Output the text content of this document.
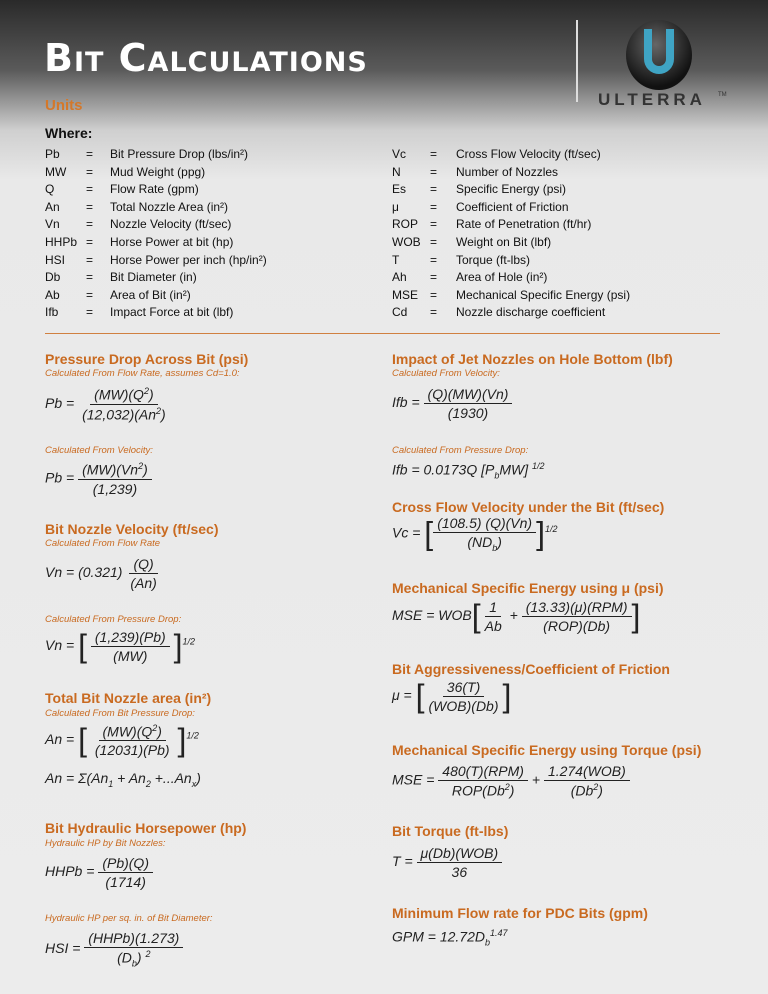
Bit Calculations
ULTERRA TM
Units
Where:
Pb	=	Bit Pressure Drop (lbs/in²)
MW	=	Mud Weight (ppg)
Q	=	Flow Rate (gpm)
An	=	Total Nozzle Area (in²)
Vn	=	Nozzle Velocity (ft/sec)
HHPb =	Horse Power at bit (hp)
HSI	=	Horse Power per inch (hp/in²)
Db	=	Bit Diameter (in)
Ab	=	Area of Bit (in²)
Ifb	=	Impact Force at bit (lbf)
Vc	=	Cross Flow Velocity (ft/sec)
N	=	Number of Nozzles
Es	=	Specific Energy (psi)
μ	=	Coefficient of Friction
ROP =	Rate of Penetration (ft/hr)
WOB =	Weight on Bit (lbf)
T	=	Torque (ft-lbs)
Ah	=	Area of Hole (in²)
MSE =	Mechanical Specific Energy (psi)
Cd	=	Nozzle discharge coefficient
Pressure Drop Across Bit (psi)
Calculated From Flow Rate, assumes Cd=1.0:
$Pb = \frac{(MW)(Q^2)}{(12,032)(An^2)}$
Calculated From Velocity:
$Pb = \frac{(MW)(Vn^2)}{(1,239)}$
Bit Nozzle Velocity (ft/sec)
Calculated From Flow Rate
$Vn = (0.321) \frac{(Q)}{(An)}$
Calculated From Pressure Drop:
Vn = [ $\frac{(1,239)(Pb)}{(MW)} ]^{1/2}$
Total Bit Nozzle area (in²)
Calculated From Bit Pressure Drop:
An = [ $\frac{(MW)(Q^2)}{(12031)(Pb)} ]^{1/2}$
$An = \Sigma(An_1 + An_2 +...An_x)$
Bit Hydraulic Horsepower (hp)
Hydraulic HP by Bit Nozzles:
HHPb = $\frac{(Pb)(Q)}{(1714)}$
Hydraulic HP per sq. in. of Bit Diameter:
HSI = $\frac{\text{(HHPb)(1.273)}}{(D_b) ^2}$
Impact of Jet Nozzles on Hole Bottom (lbf)
Calculated From Velocity:
Ifb = $\frac{(Q)(MW)(Vn)}{(1930)}$
Calculated From Pressure Drop:
Ifb = 0.0173Q $[P_bMW]$ $^{1/2}$
Cross Flow Velocity under the Bit (ft/sec)
Vc = [ $\frac{(108.5) (Q)(Vn)}{(ND_b)} ]^{1/2}$
Mechanical Specific Energy using μ (psi)
MSE = $WOB[ \frac{1}{Ab} + \frac{\text{(13.33)(μ)(RPM)}}{\text{(ROP)(Db)}}$ ]
Bit Aggressiveness/Coefficient of Friction
μ = [ $\frac{36(T)}{\text{(WOB)(Db)}}$ ]
Mechanical Specific Energy using Torque (psi)
MSE = $\frac{\text{480(T)(RPM)}}{ROP(Db^2)} + \frac{\text{1.274(WOB)}}{(Db^2)}$
Bit Torque (ft-lbs)
$T = \frac{\text{μ(Db)(WOB)}}{36}$
Minimum Flow rate for PDC Bits (gpm)
GPM = $12.72D_b^{1.47}$
